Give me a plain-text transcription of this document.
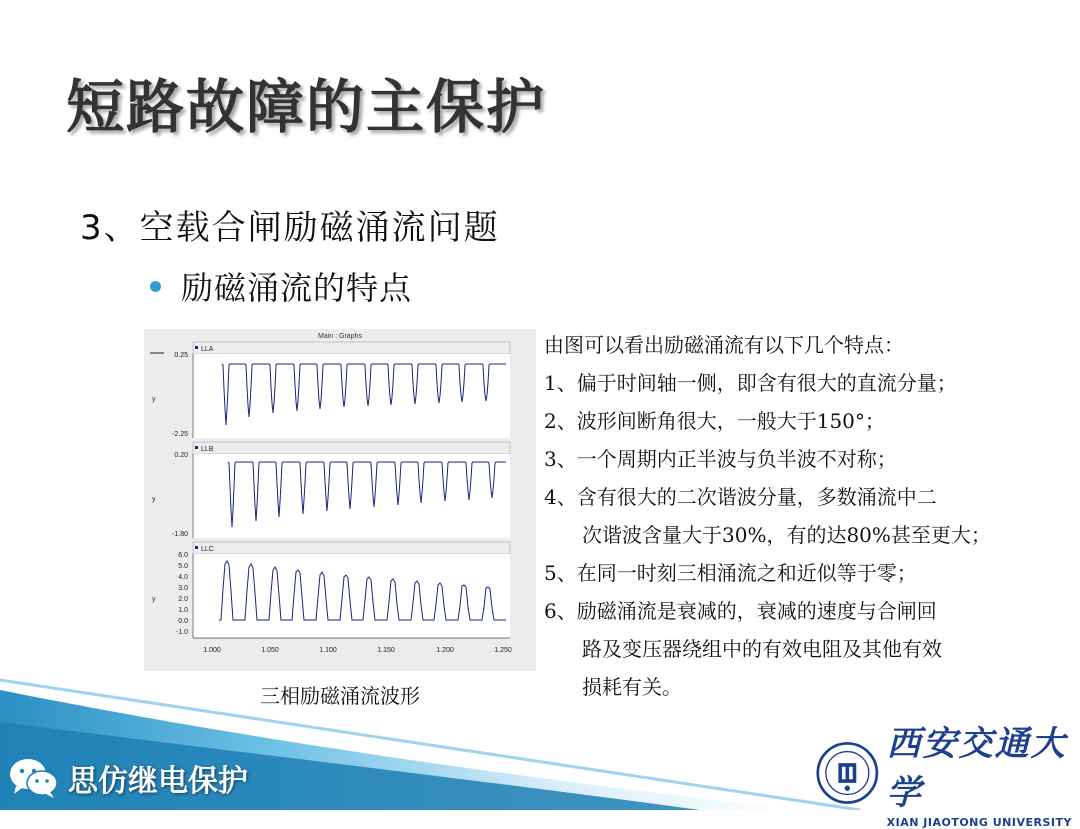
短路故障的主保护
3、空载合闸励磁涌流问题
励磁涌流的特点
Main : Graphs
LLA
0.25
-2.25
y
LLB
0.20
-1.80
y
LLC
6.0
5.0
4.0
3.0
2.0
1.0
0.0
-1.0
y
1.000	1.050	1.100	1.150	1.200	1.250
三相励磁涌流波形
由图可以看出励磁涌流有以下几个特点：
1、偏于时间轴一侧，即含有很大的直流分量；
2、波形间断角很大，一般大于150°；
3、一个周期内正半波与负半波不对称；
4、含有很大的二次谐波分量，多数涌流中二
次谐波含量大于30%，有的达80%甚至更大；
5、在同一时刻三相涌流之和近似等于零；
6、励磁涌流是衰减的，衰减的速度与合闸回
路及变压器绕组中的有效电阻及其他有效
损耗有关。
思仿继电保护
西安交通大学
XIAN JIAOTONG UNIVERSITY
